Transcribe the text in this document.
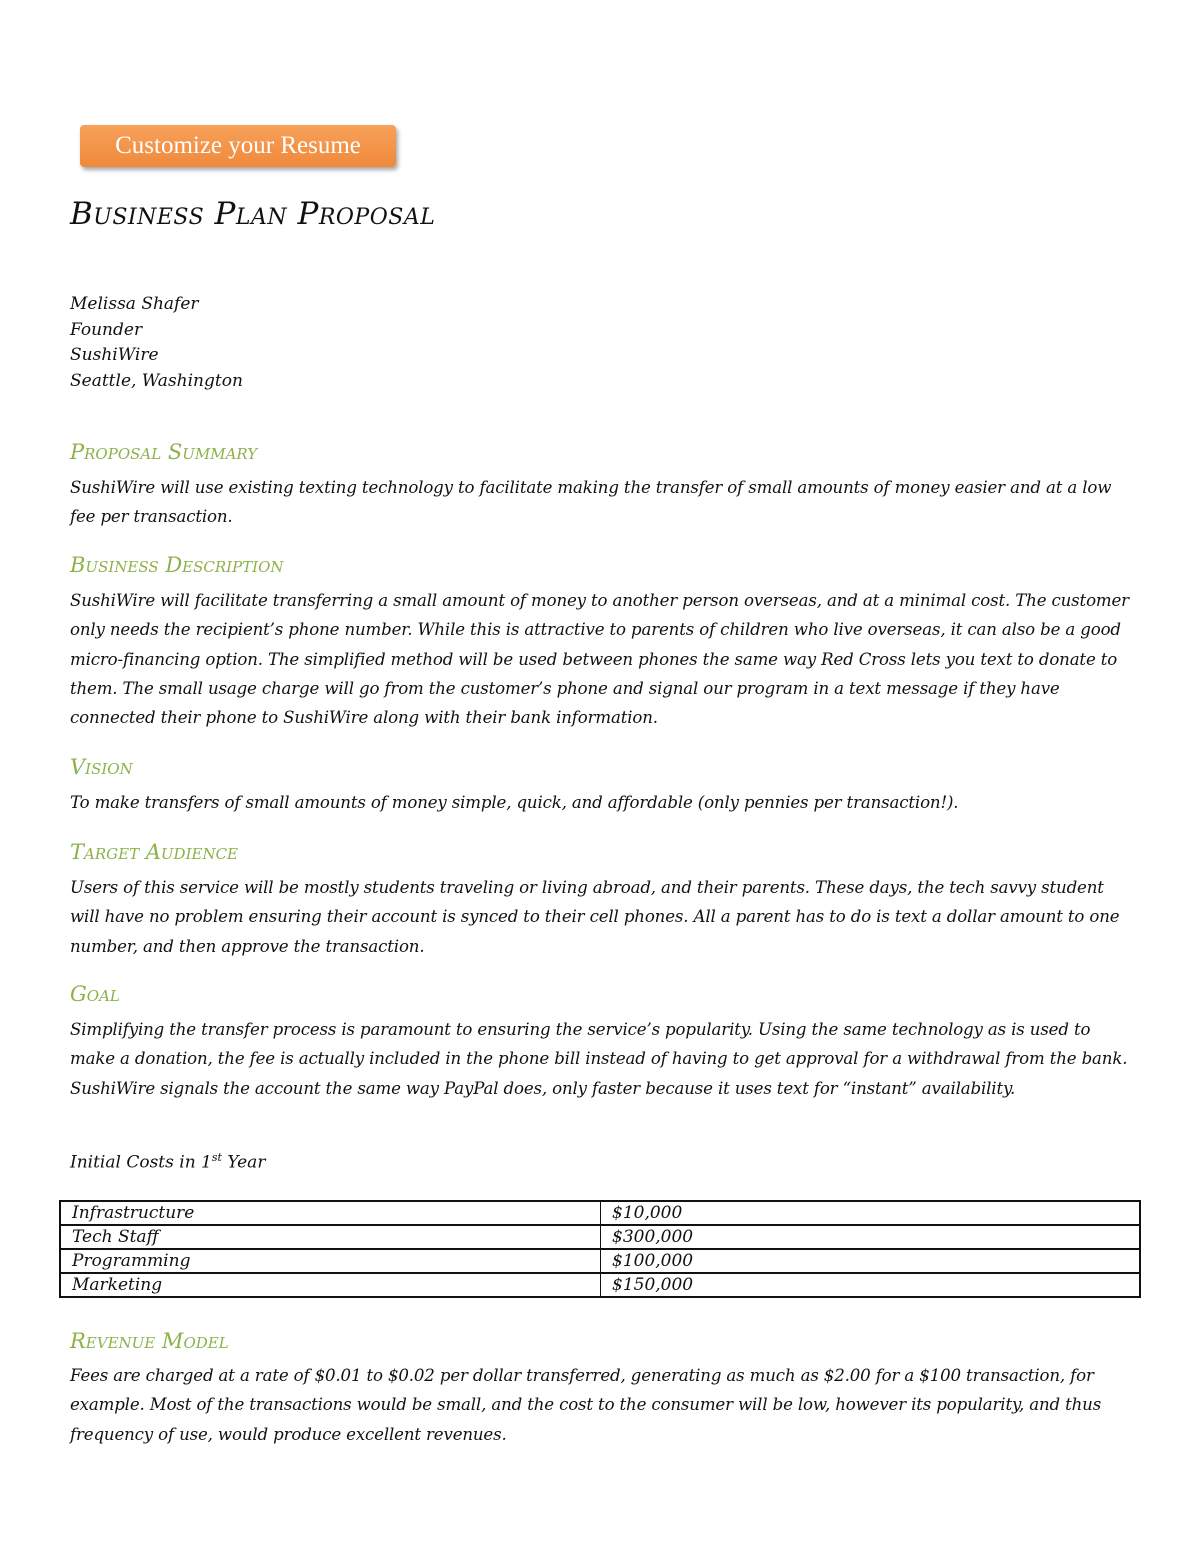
Customize your Resume
Business Plan Proposal
Melissa Shafer
Founder
SushiWire
Seattle, Washington
Proposal Summary

SushiWire will use existing texting technology to facilitate making the transfer of small amounts of money easier and at a low fee per transaction.

Business Description

SushiWire will facilitate transferring a small amount of money to another person overseas, and at a minimal cost. The customer only needs the recipient’s phone number. While this is attractive to parents of children who live overseas, it can also be a good micro-financing option. The simplified method will be used between phones the same way Red Cross lets you text to donate to them. The small usage charge will go from the customer’s phone and signal our program in a text message if they have connected their phone to SushiWire along with their bank information.

Vision

To make transfers of small amounts of money simple, quick, and affordable (only pennies per transaction!).

Target Audience

Users of this service will be mostly students traveling or living abroad, and their parents. These days, the tech savvy student will have no problem ensuring their account is synced to their cell phones. All a parent has to do is text a dollar amount to one number, and then approve the transaction.

Goal

Simplifying the transfer process is paramount to ensuring the service’s popularity. Using the same technology as is used to make a donation, the fee is actually included in the phone bill instead of having to get approval for a withdrawal from the bank. SushiWire signals the account the same way PayPal does, only faster because it uses text for “instant” availability.

Initial Costs in 1st Year

Infrastructure	$10,000
Tech Staff	$300,000
Programming	$100,000
Marketing	$150,000
Revenue Model

Fees are charged at a rate of $0.01 to $0.02 per dollar transferred, generating as much as $2.00 for a $100 transaction, for example. Most of the transactions would be small, and the cost to the consumer will be low, however its popularity, and thus frequency of use, would produce excellent revenues.
